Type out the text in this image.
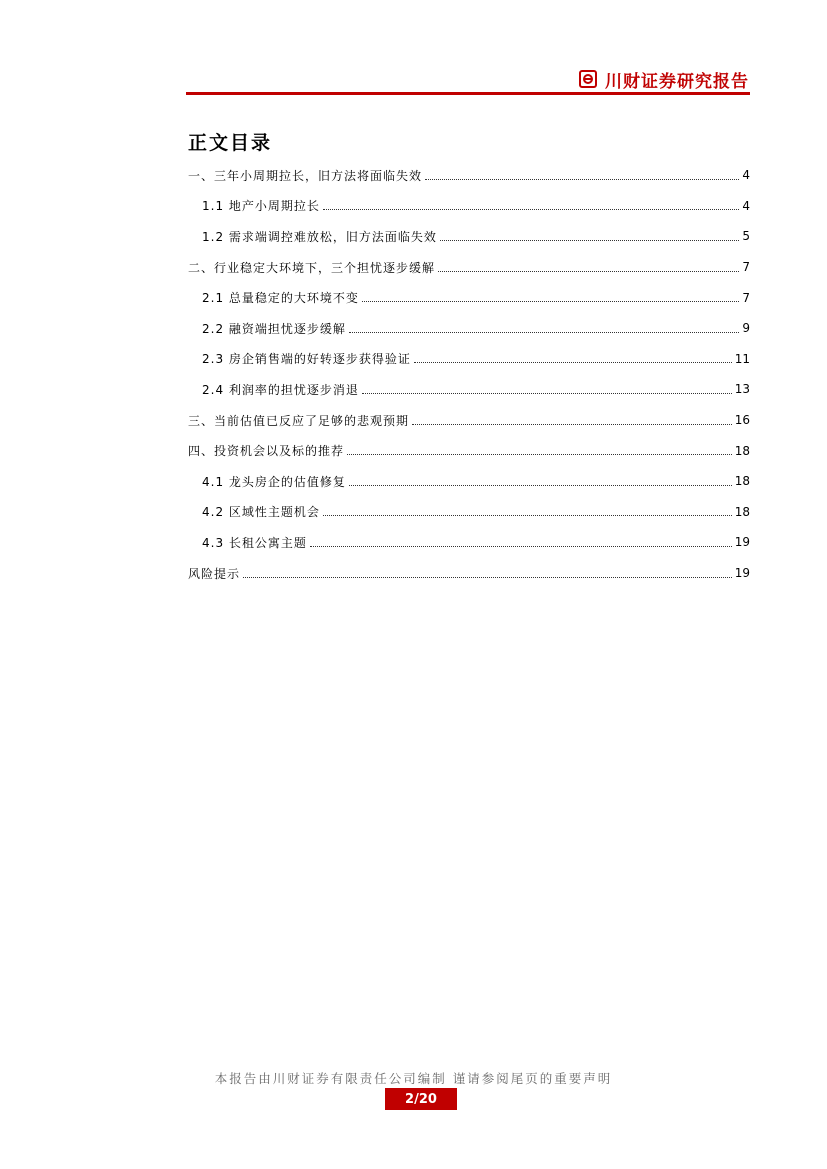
川财证券研究报告
正文目录
一、三年小周期拉长，旧方法将面临失效	4
1.1 地产小周期拉长	4
1.2 需求端调控难放松，旧方法面临失效	5
二、行业稳定大环境下，三个担忧逐步缓解	7
2.1 总量稳定的大环境不变	7
2.2 融资端担忧逐步缓解	9
2.3 房企销售端的好转逐步获得验证	11
2.4 利润率的担忧逐步消退	13
三、当前估值已反应了足够的悲观预期	16
四、投资机会以及标的推荐	18
4.1 龙头房企的估值修复	18
4.2 区域性主题机会	18
4.3 长租公寓主题	19
风险提示	19
本报告由川财证券有限责任公司编制 谨请参阅尾页的重要声明
2/20
